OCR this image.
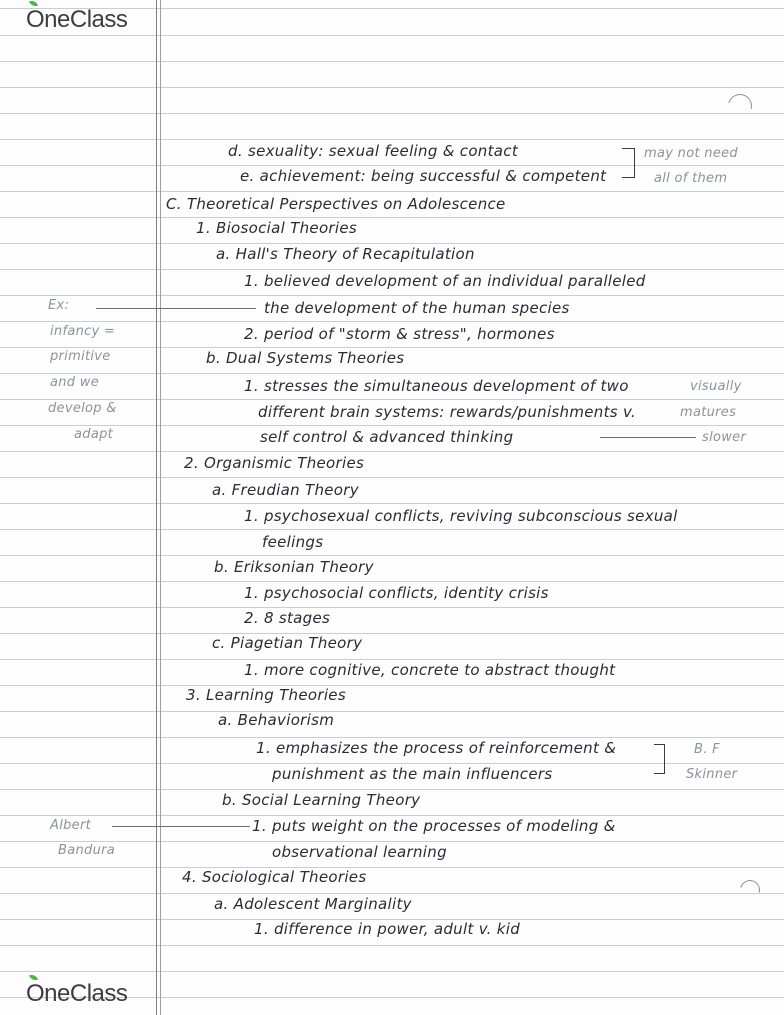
OneClass
d. sexuality: sexual feeling & contact
e. achievement: being successful & competent
may not need
all of them
C. Theoretical Perspectives on Adolescence
1. Biosocial Theories
a. Hall's Theory of Recapitulation
1. believed development of an individual paralleled
the development of the human species
2. period of "storm & stress", hormones
Ex:
infancy =
primitive
and we
develop &
adapt
b. Dual Systems Theories
1. stresses the simultaneous development of two	visually
different brain systems: rewards/punishments v.	matures
self control & advanced thinking	slower
2. Organismic Theories
a. Freudian Theory
1. psychosexual conflicts, reviving subconscious sexual
feelings
b. Eriksonian Theory
1. psychosocial conflicts, identity crisis
2. 8 stages
c. Piagetian Theory
1. more cognitive, concrete to abstract thought
3. Learning Theories
a. Behaviorism
1. emphasizes the process of reinforcement &	B. F
Skinner
punishment as the main influencers
b. Social Learning Theory
1. puts weight on the processes of modeling &
Albert
Bandura	observational learning
4. Sociological Theories
a. Adolescent Marginality
1. difference in power, adult v. kid
OneClass
